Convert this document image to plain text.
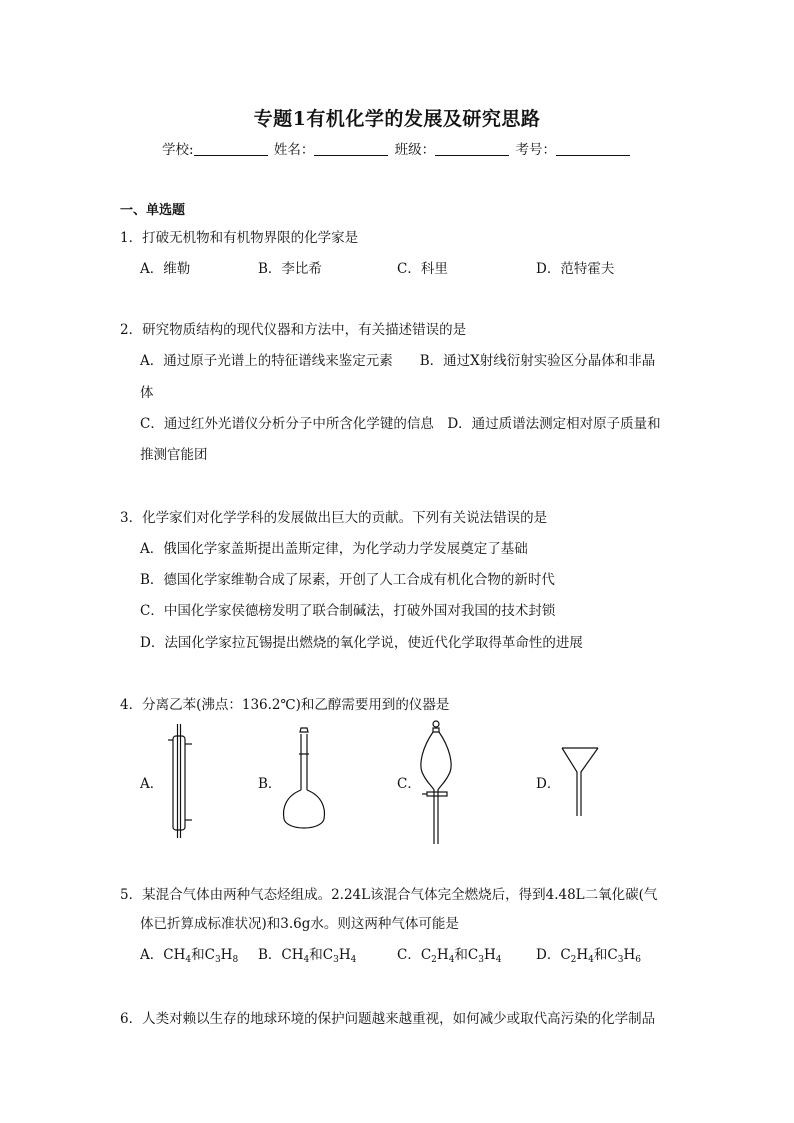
专题1有机化学的发展及研究思路
学校:	姓名：	班级：	考号：
一、单选题
1．打破无机物和有机物界限的化学家是
A．维勒	B．李比希	C．科里	D．范特霍夫
2．研究物质结构的现代仪器和方法中，有关描述错误的是
A．通过原子光谱上的特征谱线来鉴定元素　　B．通过X射线衍射实验区分晶体和非晶
体
C．通过红外光谱仪分析分子中所含化学键的信息　D．通过质谱法测定相对原子质量和
推测官能团
3．化学家们对化学学科的发展做出巨大的贡献。下列有关说法错误的是
A．俄国化学家盖斯提出盖斯定律，为化学动力学发展奠定了基础
B．德国化学家维勒合成了尿素，开创了人工合成有机化合物的新时代
C．中国化学家侯德榜发明了联合制碱法，打破外国对我国的技术封锁
D．法国化学家拉瓦锡提出燃烧的氧化学说，使近代化学取得革命性的进展
4．分离乙苯(沸点：136.2℃)和乙醇需要用到的仪器是
A．	B．	C．	D．
5．某混合气体由两种气态烃组成。2.24L该混合气体完全燃烧后，得到4.48L二氧化碳(气
体已折算成标准状况)和3.6g水。则这两种气体可能是
A．$CH_4$和$C_3H_8$ B．$CH_4$和$C_3H_4$	C．$C_2H_4$和$C_3H_4$	D．$C_2H_4$和$C_3H_6$
6．人类对赖以生存的地球环境的保护问题越来越重视，如何减少或取代高污染的化学制品
